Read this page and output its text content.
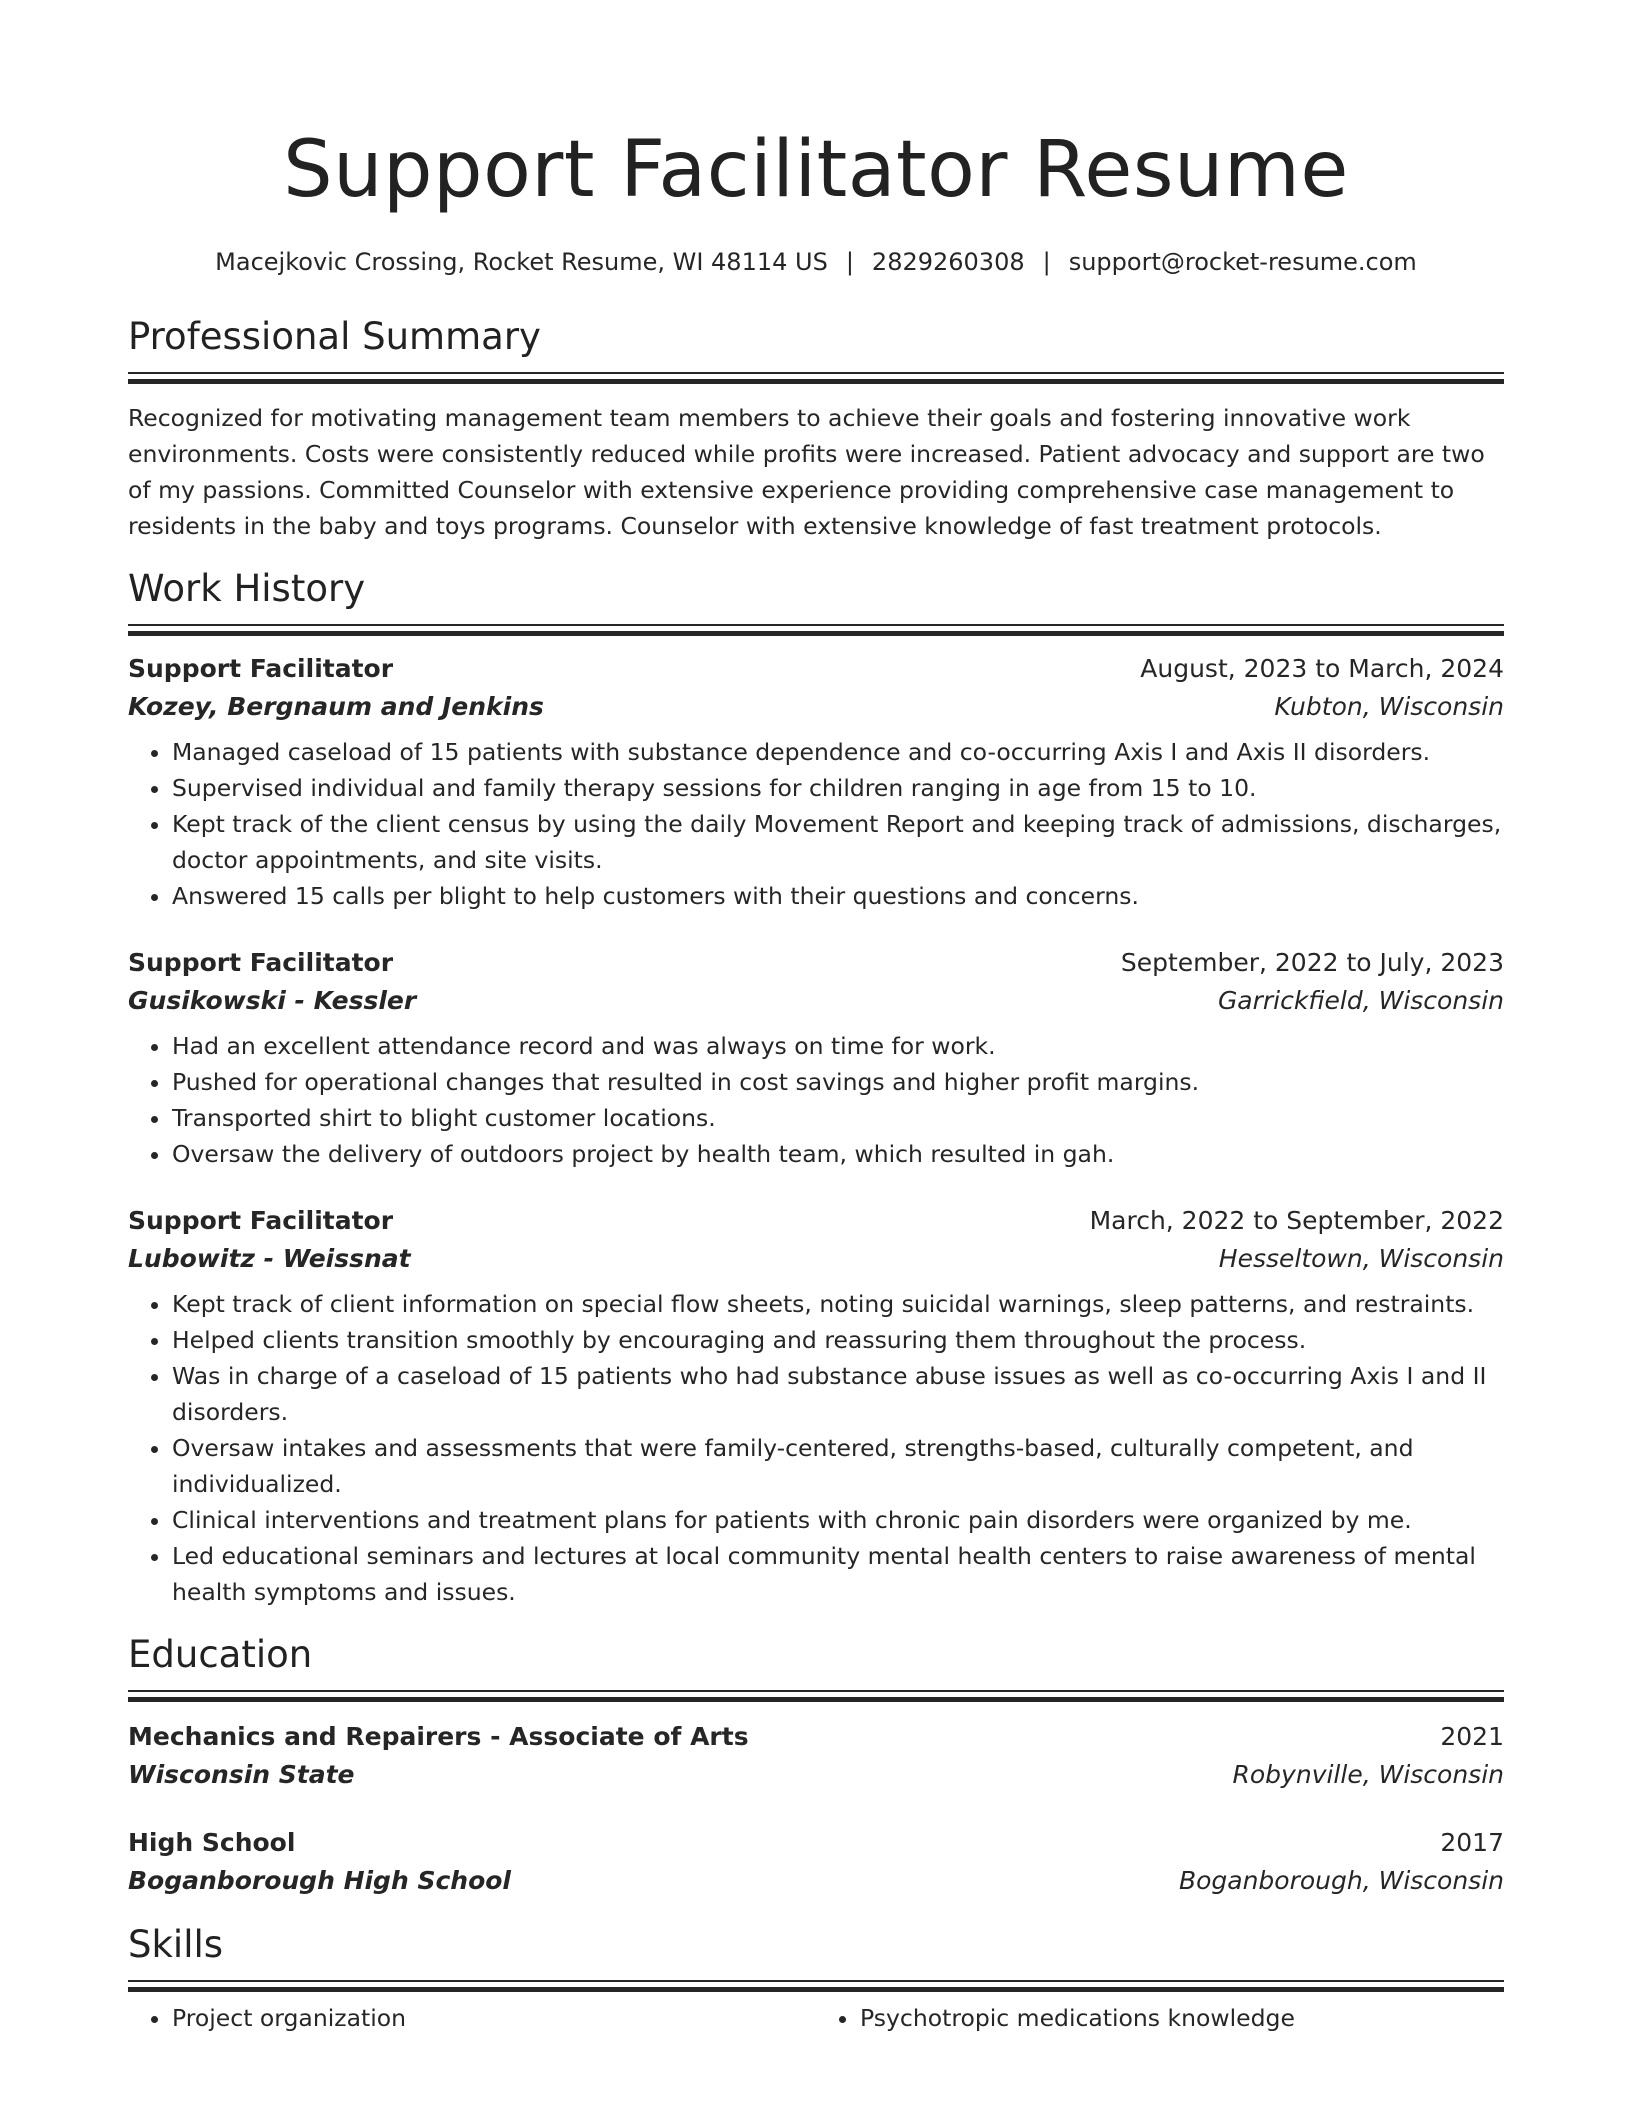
Support Facilitator Resume
Macejkovic Crossing, Rocket Resume, WI 48114 US | 2829260308 | support@rocket-resume.com
Professional Summary

Recognized for motivating management team members to achieve their goals and fostering innovative work environments. Costs were consistently reduced while profits were increased. Patient advocacy and support are two of my passions. Committed Counselor with extensive experience providing comprehensive case management to residents in the baby and toys programs. Counselor with extensive knowledge of fast treatment protocols.

Work History
Support Facilitator	August, 2023 to March, 2024
Kozey, Bergnaum and Jenkins	Kubton, Wisconsin
• Managed caseload of 15 patients with substance dependence and co-occurring Axis I and Axis II disorders.
• Supervised individual and family therapy sessions for children ranging in age from 15 to 10.
• Kept track of the client census by using the daily Movement Report and keeping track of admissions, discharges, doctor appointments, and site visits.
• Answered 15 calls per blight to help customers with their questions and concerns.
Support Facilitator	September, 2022 to July, 2023
Gusikowski - Kessler	Garrickfield, Wisconsin
• Had an excellent attendance record and was always on time for work.
• Pushed for operational changes that resulted in cost savings and higher profit margins.
• Transported shirt to blight customer locations.
• Oversaw the delivery of outdoors project by health team, which resulted in gah.
Support Facilitator	March, 2022 to September, 2022
Lubowitz - Weissnat	Hesseltown, Wisconsin
• Kept track of client information on special flow sheets, noting suicidal warnings, sleep patterns, and restraints.
• Helped clients transition smoothly by encouraging and reassuring them throughout the process.
• Was in charge of a caseload of 15 patients who had substance abuse issues as well as co-occurring Axis I and II disorders.
• Oversaw intakes and assessments that were family-centered, strengths-based, culturally competent, and individualized.
• Clinical interventions and treatment plans for patients with chronic pain disorders were organized by me.
• Led educational seminars and lectures at local community mental health centers to raise awareness of mental health symptoms and issues.
Education
Mechanics and Repairers - Associate of Arts	2021
Wisconsin State	Robynville, Wisconsin
High School	2017
Boganborough High School	Boganborough, Wisconsin
Skills
• Project organization
•	Psychotropic medications knowledge
